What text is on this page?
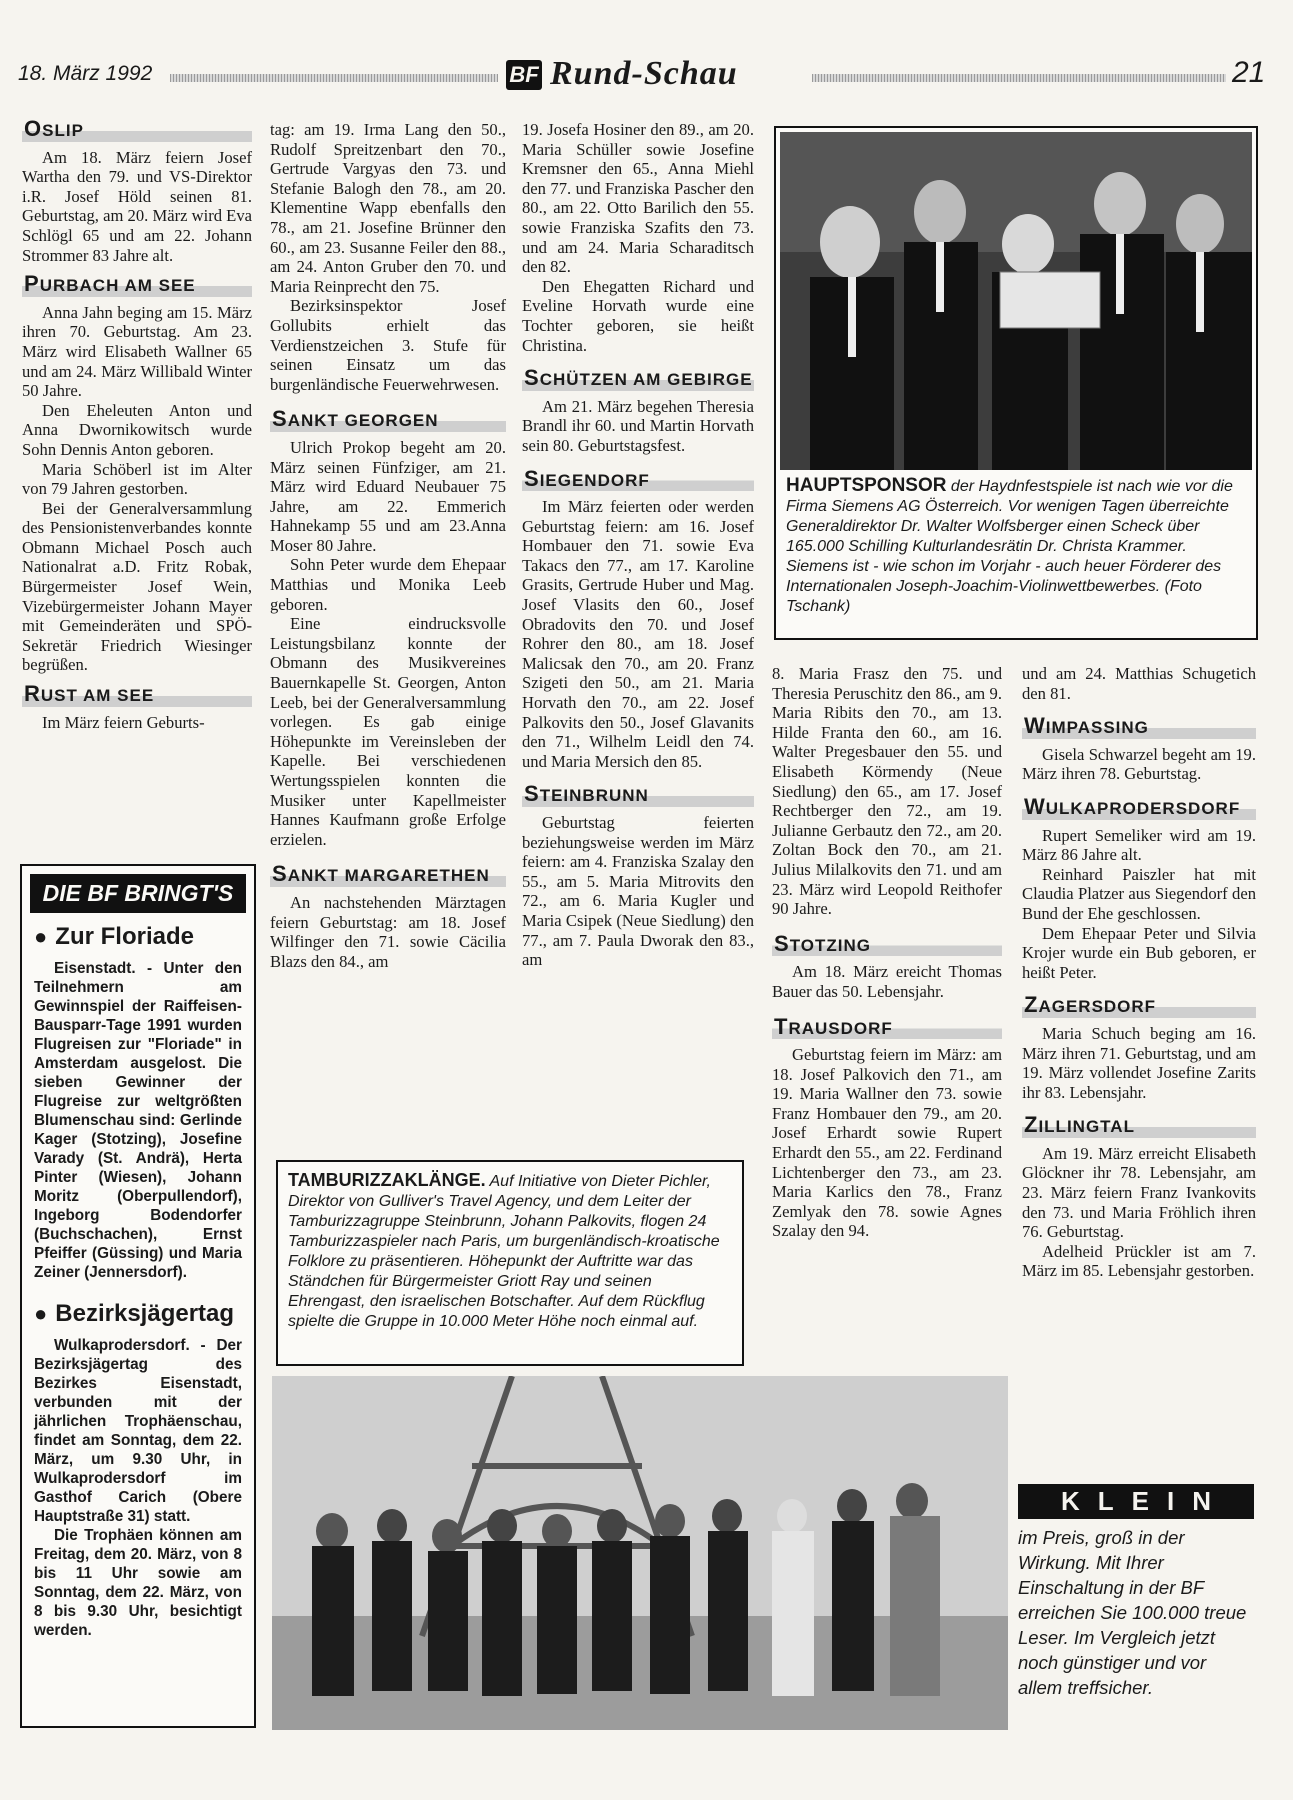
18. März 1992	BF Rund-Schau	21
OSLIP

Am 18. März feiern Josef Wartha den 79. und VS-Direktor i.R. Josef Höld seinen 81. Geburtstag, am 20. März wird Eva Schlögl 65 und am 22. Johann Strommer 83 Jahre alt.

PURBACH AM SEE

Anna Jahn beging am 15. März ihren 70. Geburtstag. Am 23. März wird Elisabeth Wallner 65 und am 24. März Willibald Winter 50 Jahre.

Den Eheleuten Anton und Anna Dwornikowitsch wurde Sohn Dennis Anton geboren.

Maria Schöberl ist im Alter von 79 Jahren gestorben.

Bei der Generalversammlung des Pensionistenverbandes konnte Obmann Michael Posch auch Nationalrat a.D. Fritz Robak, Bürgermeister Josef Wein, Vizebürgermeister Johann Mayer mit Gemeinderäten und SPÖ-Sekretär Friedrich Wiesinger begrüßen.

RUST AM SEE

Im März feiern Geburts-

DIE BF BRINGT'S
● Zur Floriade

Eisenstadt. - Unter den Teilnehmern am Gewinnspiel der Raiffeisen-Bausparr-Tage 1991 wurden Flugreisen zur "Floriade" in Amsterdam ausgelost. Die sieben Gewinner der Flugreise zur weltgrößten Blumenschau sind: Gerlinde Kager (Stotzing), Josefine Varady (St. Andrä), Herta Pinter (Wiesen), Johann Moritz (Oberpullendorf), Ingeborg Bodendorfer (Buchschachen), Ernst Pfeiffer (Güssing) und Maria Zeiner (Jennersdorf).

● Bezirksjägertag

Wulkaprodersdorf. - Der Bezirksjägertag des Bezirkes Eisenstadt, verbunden mit der jährlichen Trophäenschau, findet am Sonntag, dem 22. März, um 9.30 Uhr, in Wulkaprodersdorf im Gasthof Carich (Obere Hauptstraße 31) statt.

Die Trophäen können am Freitag, dem 20. März, von 8 bis 11 Uhr sowie am Sonntag, dem 22. März, von 8 bis 9.30 Uhr, besichtigt werden.

tag: am 19. Irma Lang den 50., Rudolf Spreitzenbart den 70., Gertrude Vargyas den 73. und Stefanie Balogh den 78., am 20. Klementine Wapp ebenfalls den 78., am 21. Josefine Brünner den 60., am 23. Susanne Feiler den 88., am 24. Anton Gruber den 70. und Maria Reinprecht den 75.

Bezirksinspektor Josef Gollubits erhielt das Verdienstzeichen 3. Stufe für seinen Einsatz um das burgenländische Feuerwehrwesen.

SANKT GEORGEN

Ulrich Prokop begeht am 20. März seinen Fünfziger, am 21. März wird Eduard Neubauer 75 Jahre, am 22. Emmerich Hahnekamp 55 und am 23.Anna Moser 80 Jahre.

Sohn Peter wurde dem Ehepaar Matthias und Monika Leeb geboren.

Eine eindrucksvolle Leistungsbilanz konnte der Obmann des Musikvereines Bauernkapelle St. Georgen, Anton Leeb, bei der Generalversammlung vorlegen. Es gab einige Höhepunkte im Vereinsleben der Kapelle. Bei verschiedenen Wertungsspielen konnten die Musiker unter Kapellmeister Hannes Kaufmann große Erfolge erzielen.

SANKT MARGARETHEN

An nachstehenden Märztagen feiern Geburtstag: am 18. Josef Wilfinger den 71. sowie Cäcilia Blazs den 84., am

19. Josefa Hosiner den 89., am 20. Maria Schüller sowie Josefine Kremsner den 65., Anna Miehl den 77. und Franziska Pascher den 80., am 22. Otto Barilich den 55. sowie Franziska Szafits den 73. und am 24. Maria Scharaditsch den 82.

Den Ehegatten Richard und Eveline Horvath wurde eine Tochter geboren, sie heißt Christina.

SCHÜTZEN AM GEBIRGE

Am 21. März begehen Theresia Brandl ihr 60. und Martin Horvath sein 80. Geburtstagsfest.

SIEGENDORF

Im März feierten oder werden Geburtstag feiern: am 16. Josef Hombauer den 71. sowie Eva Takacs den 77., am 17. Karoline Grasits, Gertrude Huber und Mag. Josef Vlasits den 60., Josef Obradovits den 70. und Josef Rohrer den 80., am 18. Josef Malicsak den 70., am 20. Franz Szigeti den 50., am 21. Maria Horvath den 70., am 22. Josef Palkovits den 50., Josef Glavanits den 71., Wilhelm Leidl den 74. und Maria Mersich den 85.

STEINBRUNN

Geburtstag feierten beziehungsweise werden im März feiern: am 4. Franziska Szalay den 55., am 5. Maria Mitrovits den 72., am 6. Maria Kugler und Maria Csipek (Neue Siedlung) den 77., am 7. Paula Dworak den 83., am

HAUPTSPONSOR der Haydnfestspiele ist nach wie vor die Firma Siemens AG Österreich. Vor wenigen Tagen überreichte Generaldirektor Dr. Walter Wolfsberger einen Scheck über 165.000 Schilling Kulturlandesrätin Dr. Christa Krammer. Siemens ist - wie schon im Vorjahr - auch heuer Förderer des Internationalen Joseph-Joachim-Violinwettbewerbes. (Foto Tschank)

8. Maria Frasz den 75. und Theresia Peruschitz den 86., am 9. Maria Ribits den 70., am 13. Hilde Franta den 60., am 16. Walter Pregesbauer den 55. und Elisabeth Körmendy (Neue Siedlung) den 65., am 17. Josef Rechtberger den 72., am 19. Julianne Gerbautz den 72., am 20. Zoltan Bock den 70., am 21. Julius Milalkovits den 71. und am 23. März wird Leopold Reithofer 90 Jahre.

STOTZING

Am 18. März ereicht Thomas Bauer das 50. Lebensjahr.

TRAUSDORF

Geburtstag feiern im März: am 18. Josef Palkovich den 71., am 19. Maria Wallner den 73. sowie Franz Hombauer den 79., am 20. Josef Erhardt sowie Rupert Erhardt den 55., am 22. Ferdinand Lichtenberger den 73., am 23. Maria Karlics den 78., Franz Zemlyak den 78. sowie Agnes Szalay den 94.

und am 24. Matthias Schugetich den 81.

WIMPASSING

Gisela Schwarzel begeht am 19. März ihren 78. Geburtstag.

WULKAPRODERSDORF

Rupert Semeliker wird am 19. März 86 Jahre alt.

Reinhard Paiszler hat mit Claudia Platzer aus Siegendorf den Bund der Ehe geschlossen.

Dem Ehepaar Peter und Silvia Krojer wurde ein Bub geboren, er heißt Peter.

ZAGERSDORF

Maria Schuch beging am 16. März ihren 71. Geburtstag, und am 19. März vollendet Josefine Zarits ihr 83. Lebensjahr.

ZILLINGTAL

Am 19. März erreicht Elisabeth Glöckner ihr 78. Lebensjahr, am 23. März feiern Franz Ivankovits den 73. und Maria Fröhlich ihren 76. Geburtstag.

Adelheid Prückler ist am 7. März im 85. Lebensjahr gestorben.

TAMBURIZZAKLÄNGE. Auf Initiative von Dieter Pichler, Direktor von Gulliver's Travel Agency, und dem Leiter der Tamburizzagruppe Steinbrunn, Johann Palkovits, flogen 24 Tamburizzaspieler nach Paris, um burgenländisch-kroatische Folklore zu präsentieren. Höhepunkt der Auftritte war das Ständchen für Bürgermeister Griott Ray und seinen Ehrengast, den israelischen Botschafter. Auf dem Rückflug spielte die Gruppe in 10.000 Meter Höhe noch einmal auf.
KLEIN
im Preis, groß in der Wirkung. Mit Ihrer Einschaltung in der BF erreichen Sie 100.000 treue Leser. Im Vergleich jetzt noch günstiger und vor allem treffsicher.
